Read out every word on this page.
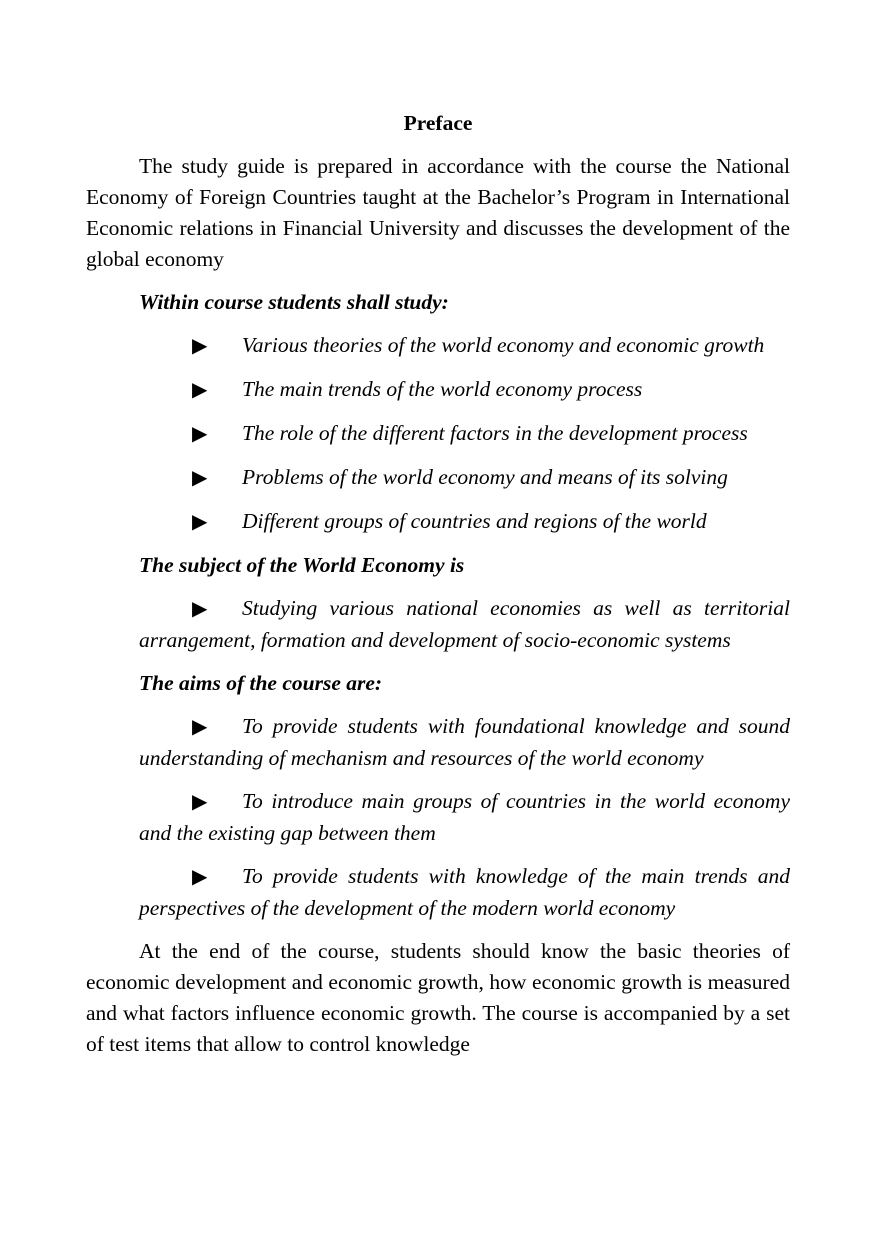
Preface

The study guide is prepared in accordance with the course the National Economy of Foreign Countries taught at the Bachelor’s Program in International Economic relations in Financial University and discusses the development of the global economy

Within course students shall study:

▶ Various theories of the world economy and economic growth

▶ The main trends of the world economy process

▶ The role of the different factors in the development process

▶ Problems of the world economy and means of its solving

▶ Different groups of countries and regions of the world

The subject of the World Economy is

▶ Studying various national economies as well as territorial arrangement, formation and development of socio-economic systems

The aims of the course are:

▶ To provide students with foundational knowledge and sound understanding of mechanism and resources of the world economy

▶ To introduce main groups of countries in the world economy and the existing gap between them

▶ To provide students with knowledge of the main trends and perspectives of the development of the modern world economy

At the end of the course, students should know the basic theories of economic development and economic growth, how economic growth is measured and what factors influence economic growth. The course is accompanied by a set of test items that allow to control knowledge
